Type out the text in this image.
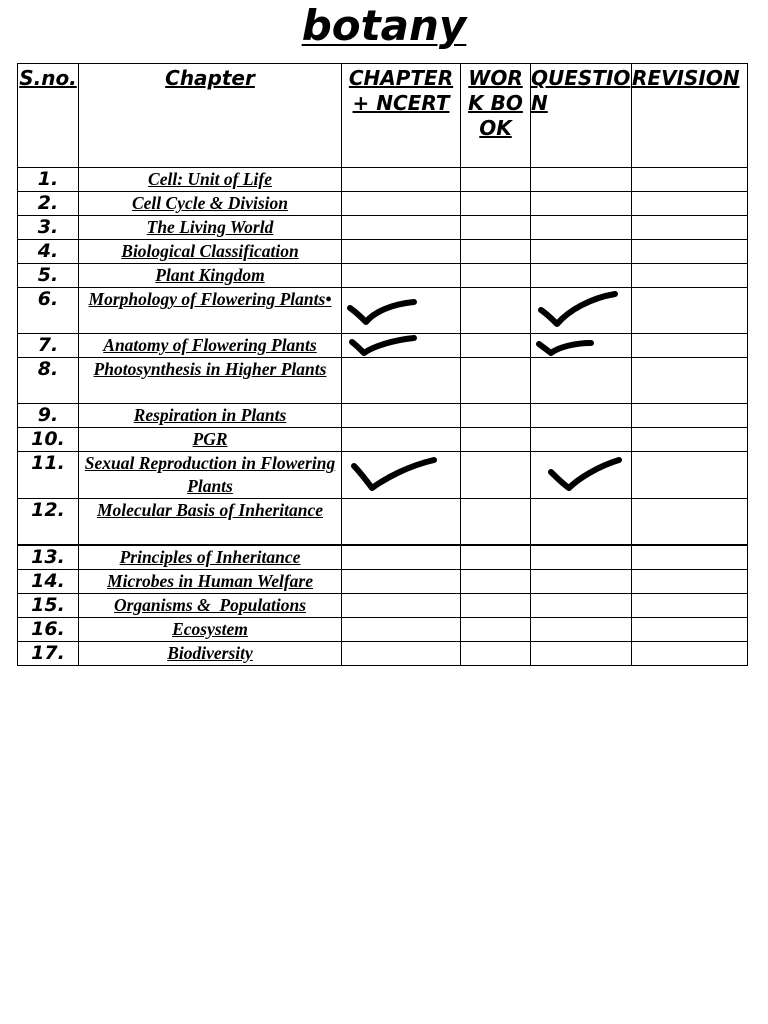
botany
S.no.	Chapter	CHAPTER+ NCERT	WORK BOOK	QUESTION	REVISION
1.	Cell: Unit of Life				
2.	Cell Cycle & Division				
3.	The Living World				
4.	Biological Classification				
5.	Plant Kingdom				
6.	Morphology of Flowering Plants•	

7.	Anatomy of Flowering Plants	

8.	Photosynthesis in Higher Plants				
9.	Respiration in Plants				
10.	PGR				
11.	Sexual Reproduction in Flowering Plants	

12.	Molecular Basis of Inheritance				
13.	Principles of Inheritance				
14.	Microbes in Human Welfare				
15.	Organisms &  Populations				
16.	Ecosystem				
17.	Biodiversity				
